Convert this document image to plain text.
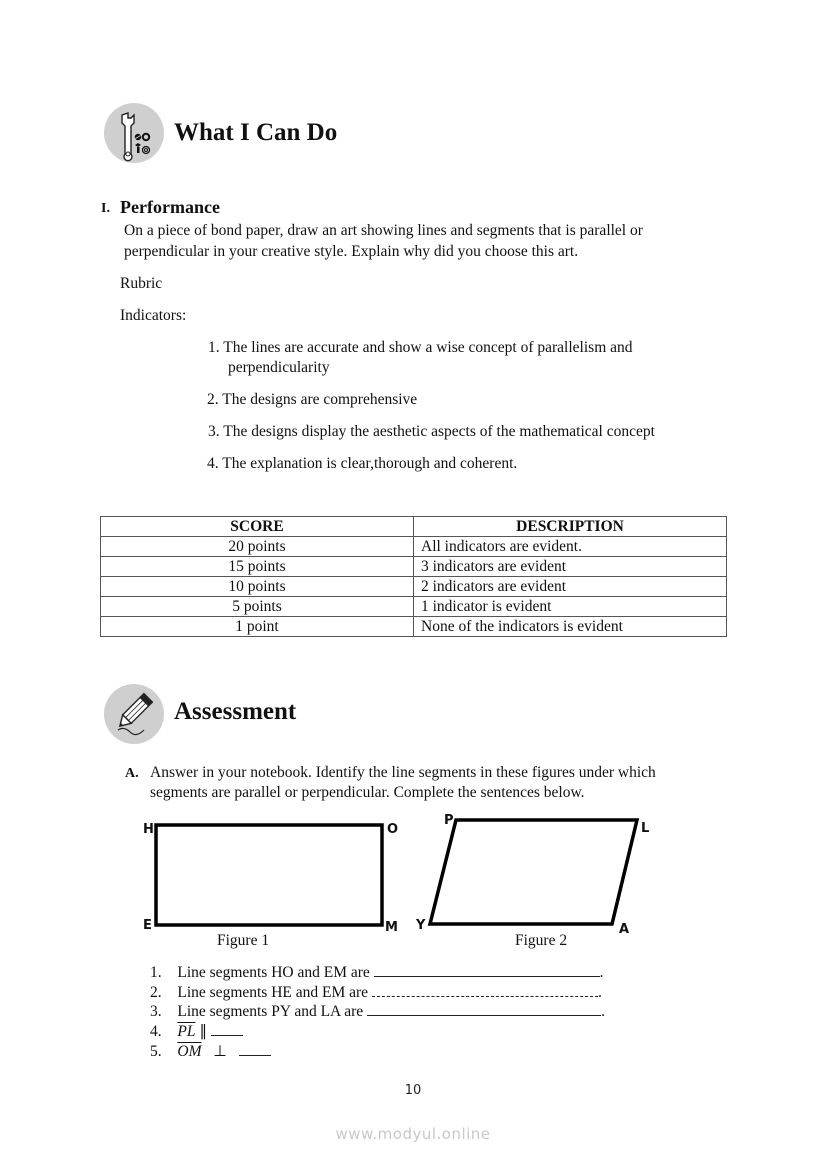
What I Can Do
I. Performance
On a piece of bond paper, draw an art showing lines and segments that is parallel or
perpendicular in your creative style. Explain why did you choose this art.
Rubric
Indicators:
1. The lines are accurate and show a wise concept of parallelism and
perpendicularity
2. The designs are comprehensive
3. The designs display the aesthetic aspects of the mathematical concept
4. The explanation is clear,thorough and coherent.
SCORE	DESCRIPTION
20 points	All indicators are evident.
15 points	3 indicators are evident
10 points	2 indicators are evident
5 points	1 indicator is evident
1 point	None of the indicators is evident
Assessment
A. Answer in your notebook. Identify the line segments in these figures under which
segments are parallel or perpendicular. Complete the sentences below.
H	O
E	M
Figure 1
P
L
Y	A
Figure 2
1. Line segments HO and EM are	.
2. Line segments HE and EM are	.
3. Line segments PY and LA are	.
4. $\overline{PL}$ ∥
5. $\overline{OM}$ ⊥
10
www.modyul.online
